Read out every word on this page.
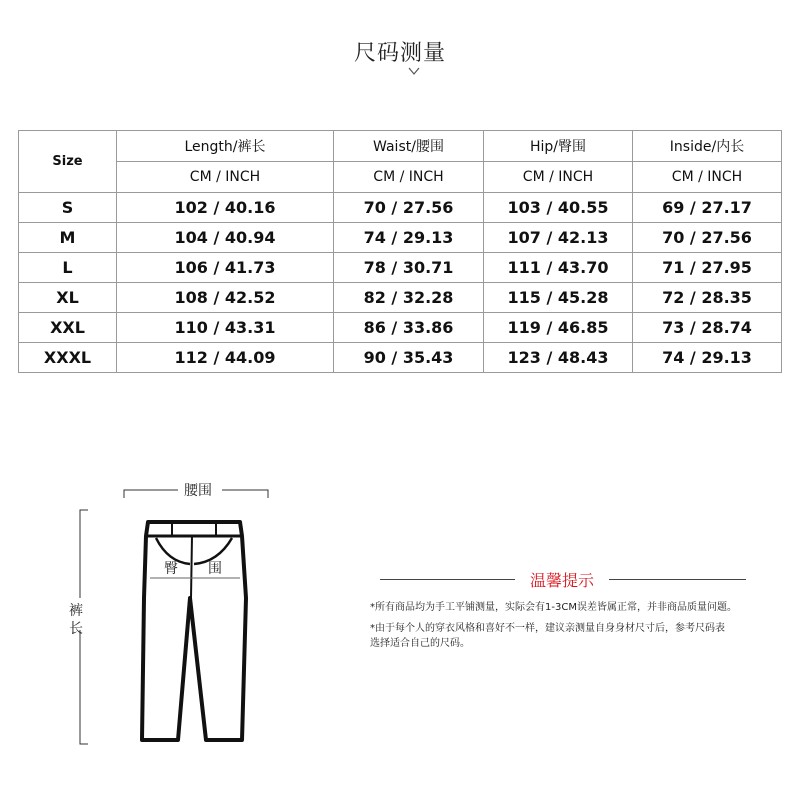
尺码测量
Size	Length/裤长	Waist/腰围	Hip/臀围	Inside/内长
	CM / INCH	CM / INCH	CM / INCH	CM / INCH
S	102 / 40.16	70 / 27.56	103 / 40.55	69 / 27.17
M	104 / 40.94	74 / 29.13	107 / 42.13	70 / 27.56
L	106 / 41.73	78 / 30.71	111 / 43.70	71 / 27.95
XL	108 / 42.52	82 / 32.28	115 / 45.28	72 / 28.35
XXL	110 / 43.31	86 / 33.86	119 / 46.85	73 / 28.74
XXXL	112 / 44.09	90 / 35.43	123 / 48.43	74 / 29.13
腰围
臀 围
裤
长
温馨提示
*所有商品均为手工平铺测量，实际会有1-3CM误差皆属正常，并非商品质量问题。
*由于每个人的穿衣风格和喜好不一样，建议亲测量自身身材尺寸后，参考尺码表
选择适合自己的尺码。
